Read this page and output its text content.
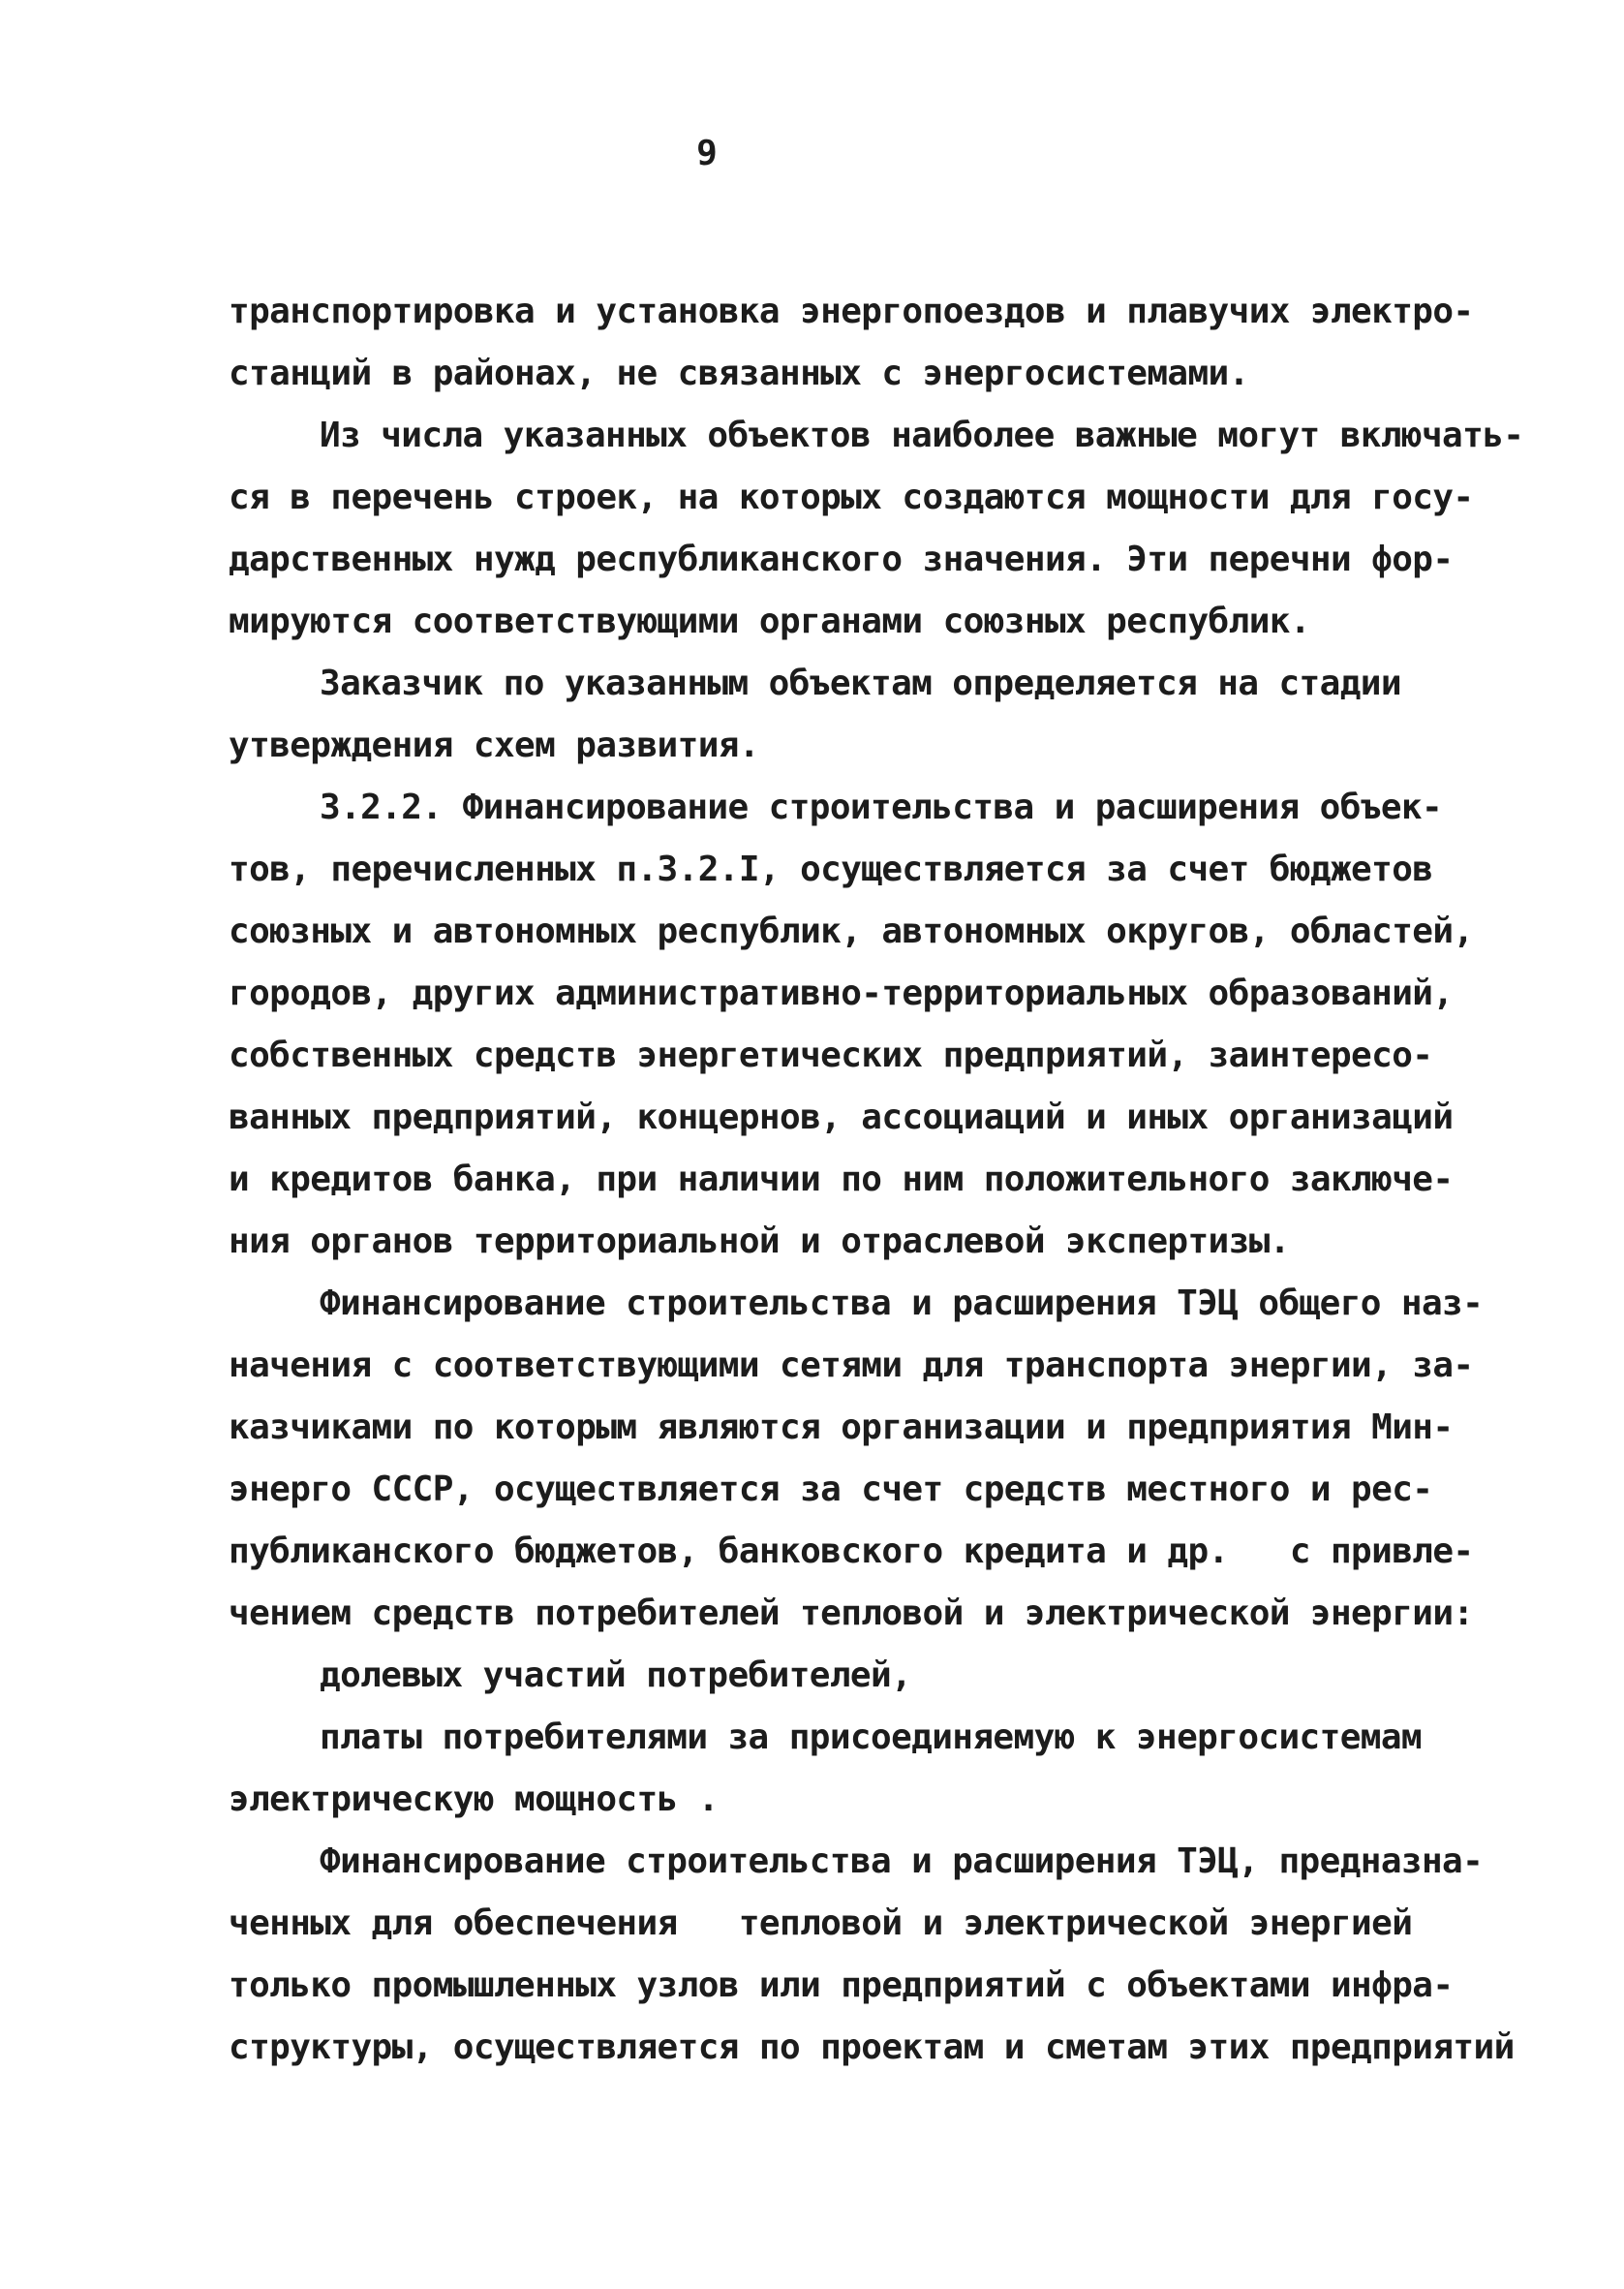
9
транспортировка и установка энергопоездов и плавучих электро-
станций в районах, не связанных с энергосистемами.
Из числа указанных объектов наиболее важные могут включать-
ся в перечень строек, на которых создаются мощности для госу-
дарственных нужд республиканского значения. Эти перечни фор-
мируются соответствующими органами союзных республик.
Заказчик по указанным объектам определяется на стадии
утверждения схем развития.
3.2.2. Финансирование строительства и расширения объек-
тов, перечисленных п.3.2.I, осуществляется за счет бюджетов
союзных и автономных республик, автономных округов, областей,
городов, других административно-территориальных образований,
собственных средств энергетических предприятий, заинтересо-
ванных предприятий, концернов, ассоциаций и иных организаций
и кредитов банка, при наличии по ним положительного заключе-
ния органов территориальной и отраслевой экспертизы.
Финансирование строительства и расширения ТЭЦ общего наз-
начения с соответствующими сетями для транспорта энергии, за-
казчиками по которым являются организации и предприятия Мин-
энерго СССР, осуществляется за счет средств местного и рес-
публиканского бюджетов, банковского кредита и др.   с привле-
чением средств потребителей тепловой и электрической энергии:
долевых участий потребителей,
платы потребителями за присоединяемую к энергосистемам
электрическую мощность .
Финансирование строительства и расширения ТЭЦ, предназна-
ченных для обеспечения   тепловой и электрической энергией
только промышленных узлов или предприятий с объектами инфра-
структуры, осуществляется по проектам и сметам этих предприятий
